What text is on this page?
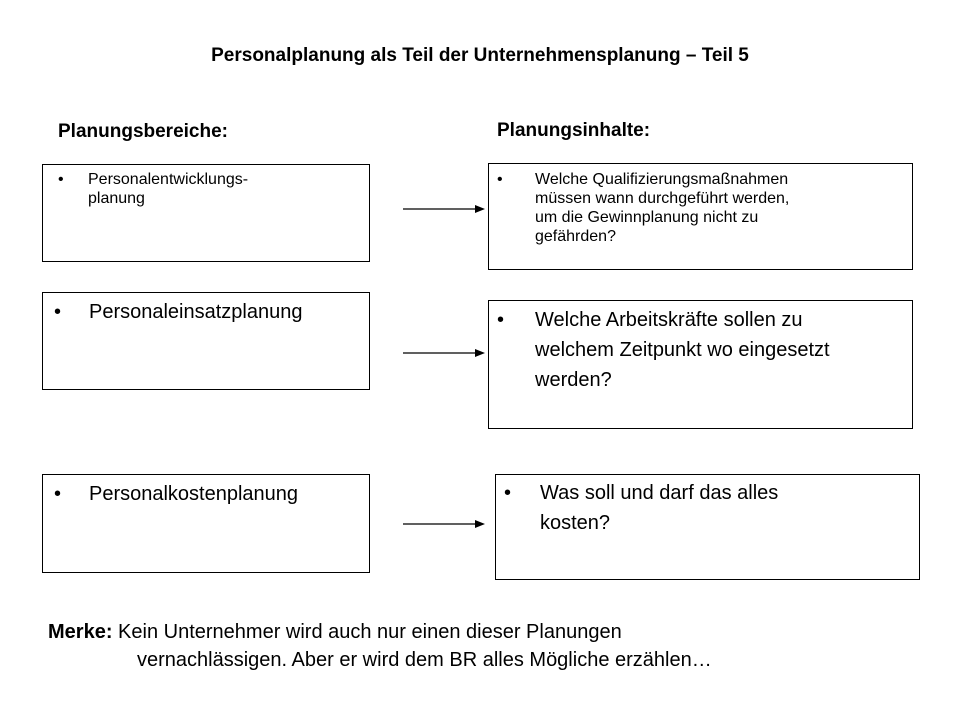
Personalplanung als Teil der Unternehmensplanung – Teil 5
Planungsbereiche:	Planungsinhalte:
•	Personalentwicklungs-
planung
•	Welche Qualifizierungsmaßnahmen
müssen wann durchgeführt werden,
um die Gewinnplanung nicht zu
gefährden?
•	Personaleinsatzplanung	•	Welche Arbeitskräfte sollen zu
welchem Zeitpunkt wo eingesetzt
werden?
•	Personalkostenplanung	•	Was soll und darf das alles
kosten?
Merke: Kein Unternehmer wird auch nur einen dieser Planungen
vernachlässigen. Aber er wird dem BR alles Mögliche erzählen…
